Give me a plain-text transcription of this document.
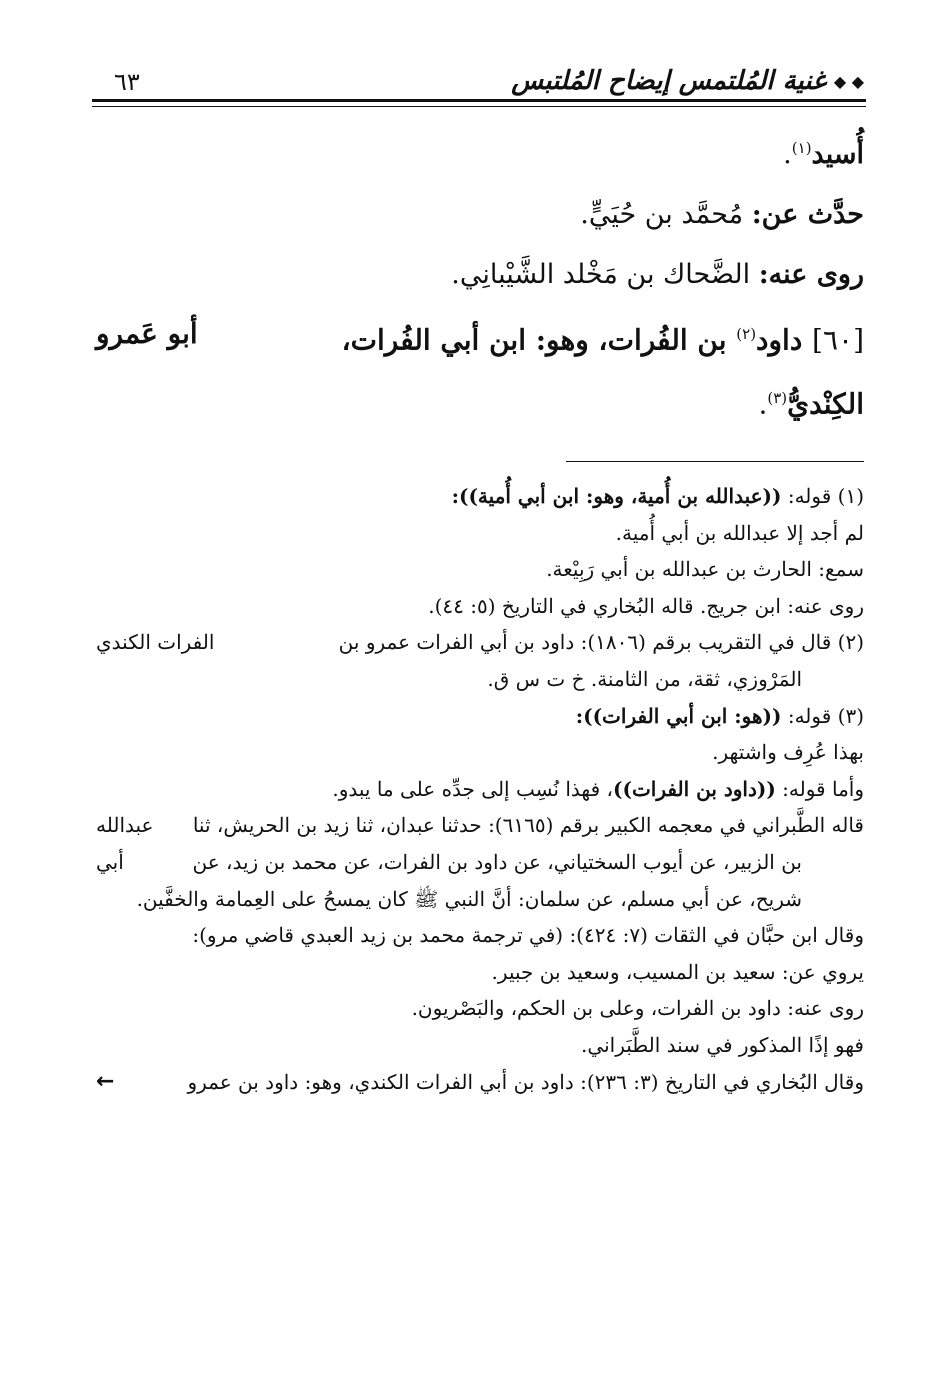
◆ ◆
غنية المُلتمس إيضاح المُلتبس
٦٣
أُسيد$^{(١)}$.
حدَّث عن: مُحمَّد بن حُيَيٍّ.
روى عنه: الضَّحاك بن مَخْلد الشَّيْبانِي.
[٦٠] داود$^{(٢)}$ بن الفُرات، وهو: ابن أبي الفُرات،
أبو عَمرو
الكِنْديُّ$^{(٣)}$.
(١) قوله: ((عبدالله بن أُمية، وهو: ابن أبي أُمية)):
لم أجد إلا عبدالله بن أبي أُمية.
سمع: الحارث بن عبدالله بن أبي رَبِيْعة.
روى عنه: ابن جريج. قاله البُخاري في التاريخ (٥: ٤٤).
(٢) قال في التقريب برقم (١٨٠٦): داود بن أبي الفرات عمرو بن
الفرات الكندي
المَرْوزي، ثقة، من الثامنة. خ ت س ق.
(٣) قوله: ((هو: ابن أبي الفرات)):
بهذا عُرِف واشتهر.
وأما قوله: ((داود بن الفرات))، فهذا نُسِب إلى جدِّه على ما يبدو.
قاله الطَّبراني في معجمه الكبير برقم (٦١٦٥): حدثنا عبدان، ثنا زيد بن الحريش، ثنا
عبدالله
بن الزبير، عن أيوب السختياني، عن داود بن الفرات، عن محمد بن زيد، عن
أبي
شريح، عن أبي مسلم، عن سلمان: أنَّ النبي ﷺ كان يمسحُ على العِمامة والخفَّين.
وقال ابن حبَّان في الثقات (٧: ٤٢٤): (في ترجمة محمد بن زيد العبدي قاضي مرو):
يروي عن: سعيد بن المسيب، وسعيد بن جبير.
روى عنه: داود بن الفرات، وعلى بن الحكم، والبَصْريون.
فهو إذًا المذكور في سند الطَّبَراني.
وقال البُخاري في التاريخ (٣: ٢٣٦): داود بن أبي الفرات الكندي، وهو: داود بن عمرو
←
